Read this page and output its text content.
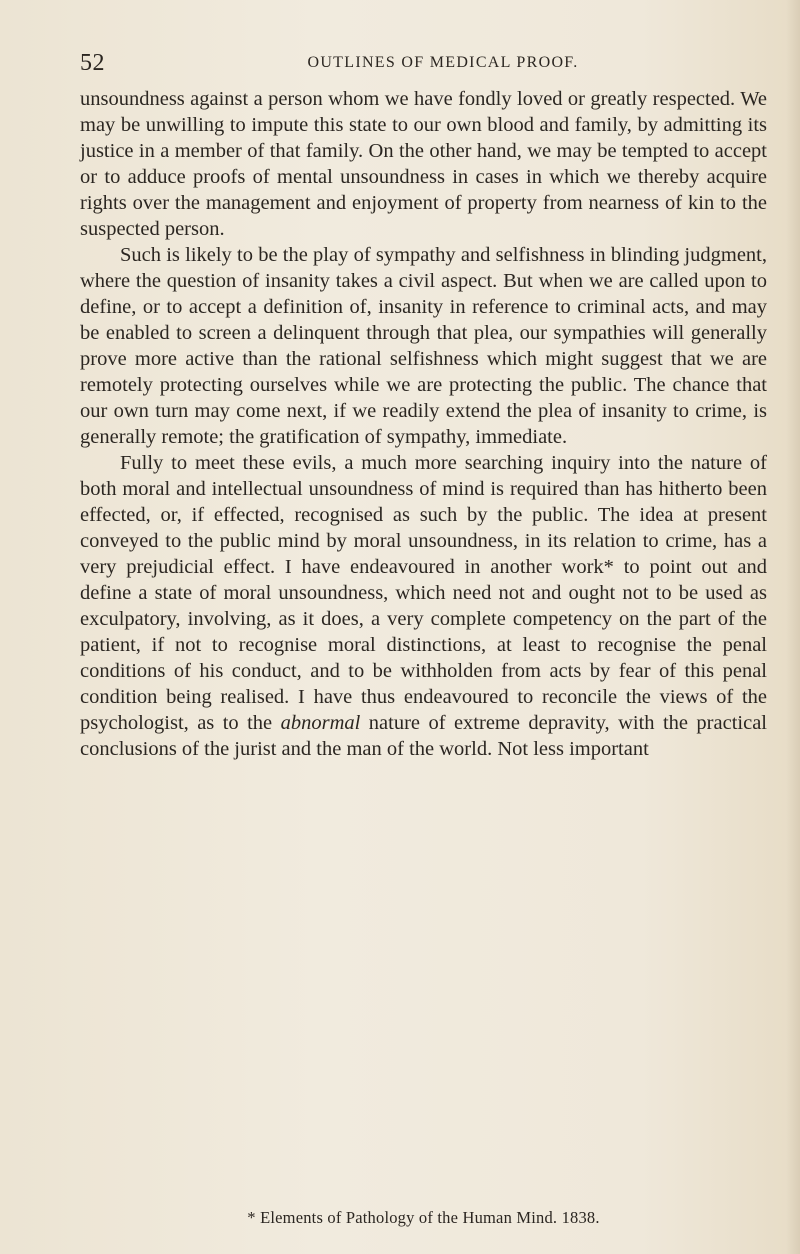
52	OUTLINES OF MEDICAL PROOF.

unsoundness against a person whom we have fondly loved or greatly respected. We may be unwilling to impute this state to our own blood and family, by admitting its justice in a member of that family. On the other hand, we may be tempted to accept or to adduce proofs of mental unsoundness in cases in which we thereby acquire rights over the management and enjoyment of property from nearness of kin to the suspected person.

Such is likely to be the play of sympathy and selfishness in blinding judgment, where the question of insanity takes a civil aspect. But when we are called upon to define, or to accept a definition of, insanity in reference to criminal acts, and may be enabled to screen a delinquent through that plea, our sympathies will generally prove more active than the rational selfishness which might suggest that we are remotely protecting ourselves while we are protecting the public. The chance that our own turn may come next, if we readily extend the plea of insanity to crime, is generally remote; the gratification of sympathy, immediate.

Fully to meet these evils, a much more searching inquiry into the nature of both moral and intellectual unsoundness of mind is required than has hitherto been effected, or, if effected, recognised as such by the public. The idea at present conveyed to the public mind by moral unsoundness, in its relation to crime, has a very prejudicial effect. I have endeavoured in another work* to point out and define a state of moral unsoundness, which need not and ought not to be used as exculpatory, involving, as it does, a very complete competency on the part of the patient, if not to recognise moral distinctions, at least to recognise the penal conditions of his conduct, and to be withholden from acts by fear of this penal condition being realised. I have thus endeavoured to reconcile the views of the psychologist, as to the abnormal nature of extreme depravity, with the practical conclusions of the jurist and the man of the world. Not less important

* Elements of Pathology of the Human Mind. 1838.
